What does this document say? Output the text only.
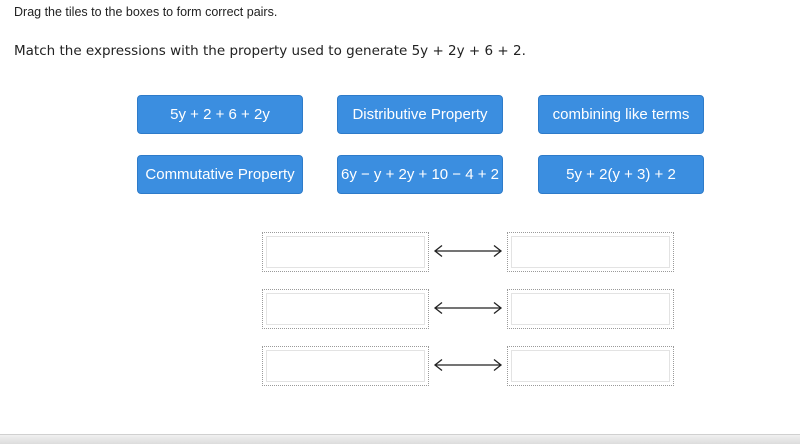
Drag the tiles to the boxes to form correct pairs.
Match the expressions with the property used to generate 5y + 2y + 6 + 2.
5y + 2 + 6 + 2y	Distributive Property	combining like terms
Commutative Property	6y − y + 2y + 10 − 4 + 2	5y + 2(y + 3) + 2
